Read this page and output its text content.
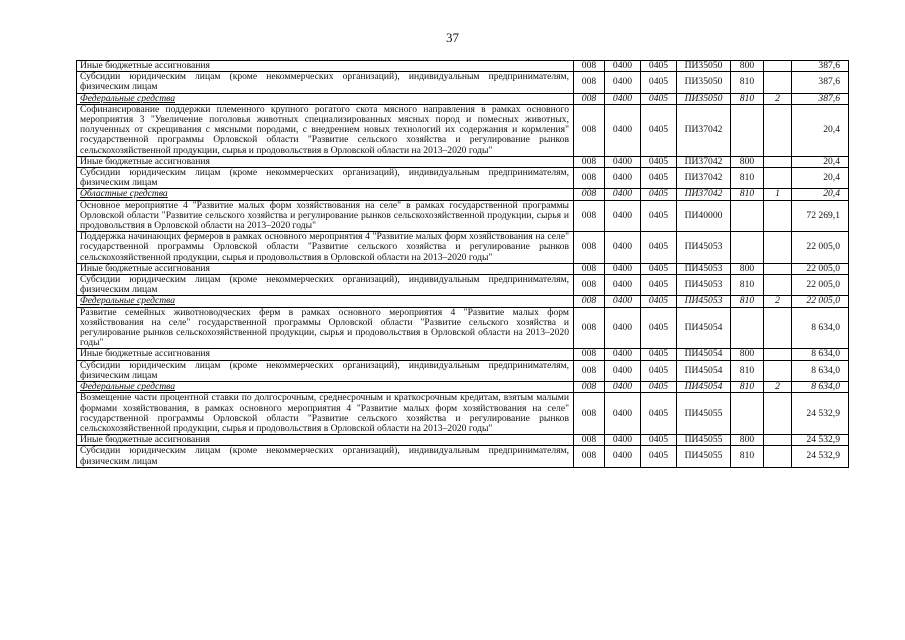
37
Иные бюджетные ассигнования	008	0400	0405	ПИ35050	800		387,6
Субсидии юридическим лицам (кроме некоммерческих организаций), индивидуальным предпринимателям, физическим лицам	008	0400	0405	ПИ35050	810		387,6
Федеральные средства	008	0400	0405	ПИ35050	810	2	387,6
Софинансирование поддержки племенного крупного рогатого скота мясного направления в рамках основного мероприятия 3 "Увеличение поголовья животных специализированных мясных пород и помесных животных, полученных от скрещивания с мясными породами, с внедрением новых технологий их содержания и кормления" государственной программы Орловской области "Развитие сельского хозяйства и регулирование рынков сельскохозяйственной продукции, сырья и продовольствия в Орловской области на 2013–2020 годы"	008	0400	0405	ПИ37042			20,4
Иные бюджетные ассигнования	008	0400	0405	ПИ37042	800		20,4
Субсидии юридическим лицам (кроме некоммерческих организаций), индивидуальным предпринимателям, физическим лицам	008	0400	0405	ПИ37042	810		20,4
Областные средства	008	0400	0405	ПИ37042	810	1	20,4
Основное мероприятие 4 "Развитие малых форм хозяйствования на селе" в рамках государственной программы Орловской области "Развитие сельского хозяйства и регулирование рынков сельскохозяйственной продукции, сырья и продовольствия в Орловской области на 2013–2020 годы"	008	0400	0405	ПИ40000			72 269,1
Поддержка начинающих фермеров в рамках основного мероприятия 4 "Развитие малых форм хозяйствования на селе" государственной программы Орловской области "Развитие сельского хозяйства и регулирование рынков сельскохозяйственной продукции, сырья и продовольствия в Орловской области на 2013–2020 годы"	008	0400	0405	ПИ45053			22 005,0
Иные бюджетные ассигнования	008	0400	0405	ПИ45053	800		22 005,0
Субсидии юридическим лицам (кроме некоммерческих организаций), индивидуальным предпринимателям, физическим лицам	008	0400	0405	ПИ45053	810		22 005,0
Федеральные средства	008	0400	0405	ПИ45053	810	2	22 005,0
Развитие семейных животноводческих ферм в рамках основного мероприятия 4 "Развитие малых форм хозяйствования на селе" государственной программы Орловской области "Развитие сельского хозяйства и регулирование рынков сельскохозяйственной продукции, сырья и продовольствия в Орловской области на 2013–2020 годы"	008	0400	0405	ПИ45054			8 634,0
Иные бюджетные ассигнования	008	0400	0405	ПИ45054	800		8 634,0
Субсидии юридическим лицам (кроме некоммерческих организаций), индивидуальным предпринимателям, физическим лицам	008	0400	0405	ПИ45054	810		8 634,0
Федеральные средства	008	0400	0405	ПИ45054	810	2	8 634,0
Возмещение части процентной ставки по долгосрочным, среднесрочным и краткосрочным кредитам, взятым малыми формами хозяйствования, в рамках основного мероприятия 4 "Развитие малых форм хозяйствования на селе" государственной программы Орловской области "Развитие сельского хозяйства и регулирование рынков сельскохозяйственной продукции, сырья и продовольствия в Орловской области на 2013–2020 годы"	008	0400	0405	ПИ45055			24 532,9
Иные бюджетные ассигнования	008	0400	0405	ПИ45055	800		24 532,9
Субсидии юридическим лицам (кроме некоммерческих организаций), индивидуальным предпринимателям, физическим лицам	008	0400	0405	ПИ45055	810		24 532,9
